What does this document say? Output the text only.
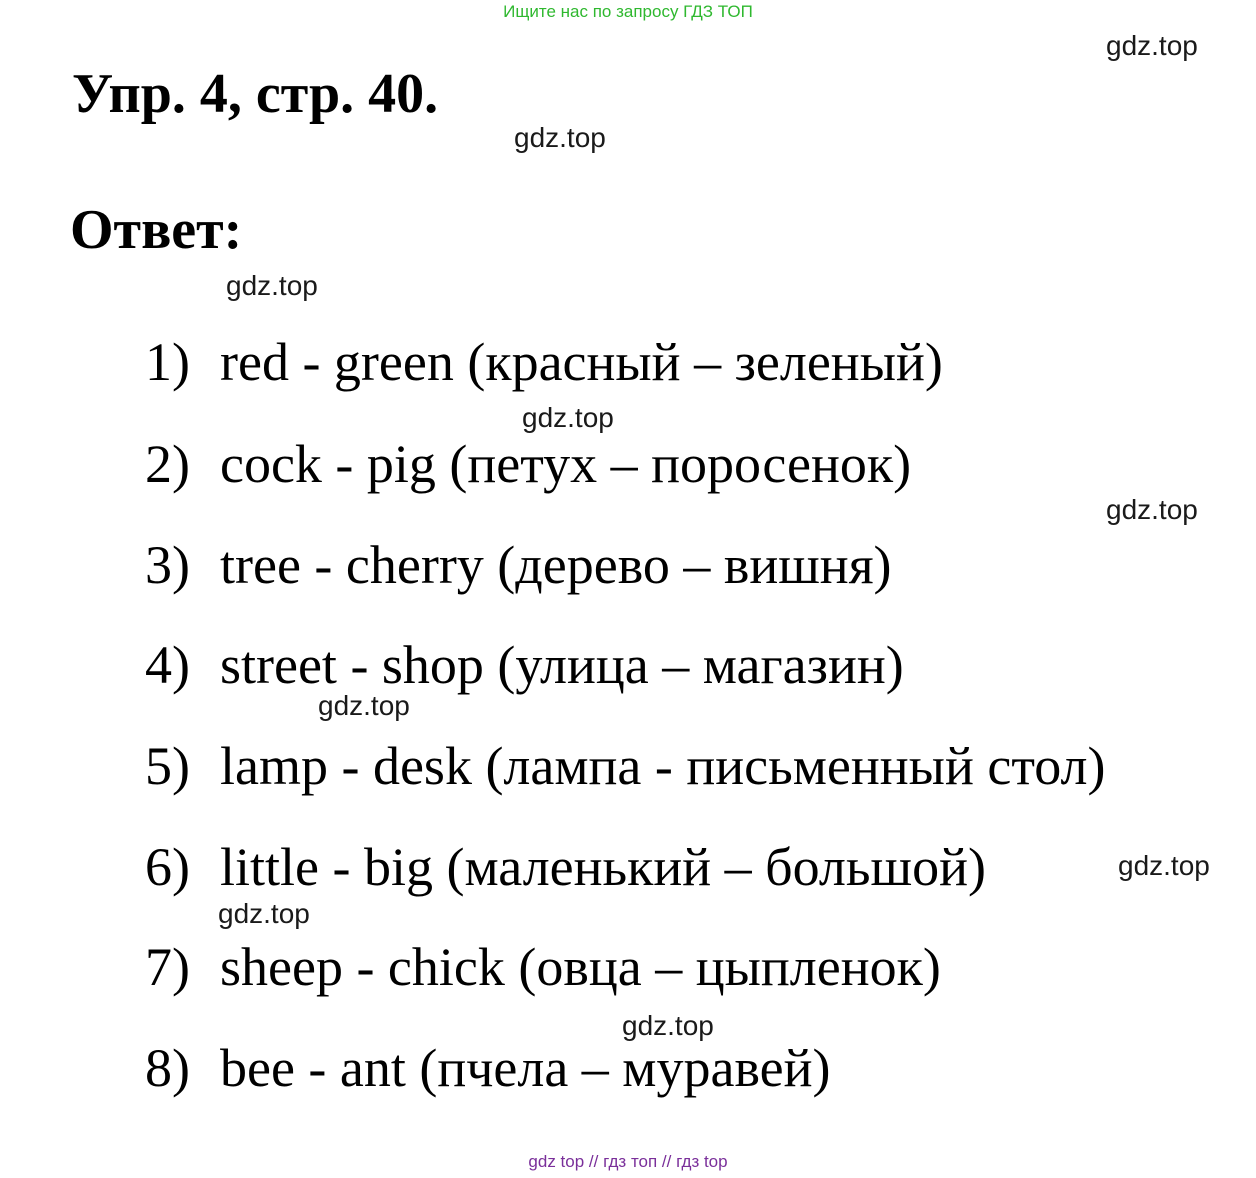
Ищите нас по запросу ГДЗ ТОП
Упр. 4, стр. 40.
Ответ:
gdz.top
gdz.top
gdz.top
gdz.top
gdz.top
gdz.top
gdz.top
gdz.top
gdz.top
1) red - green (красный – зеленый)
2) cock - pig (петух – поросенок)
3) tree - cherry (дерево – вишня)
4) street - shop (улица – магазин)
5) lamp - desk (лампа - письменный стол)
6) little - big (маленький – большой)
7) sheep - chick (овца – цыпленок)
8) bee - ant (пчела – муравей)
gdz top // гдз топ // гдз top
